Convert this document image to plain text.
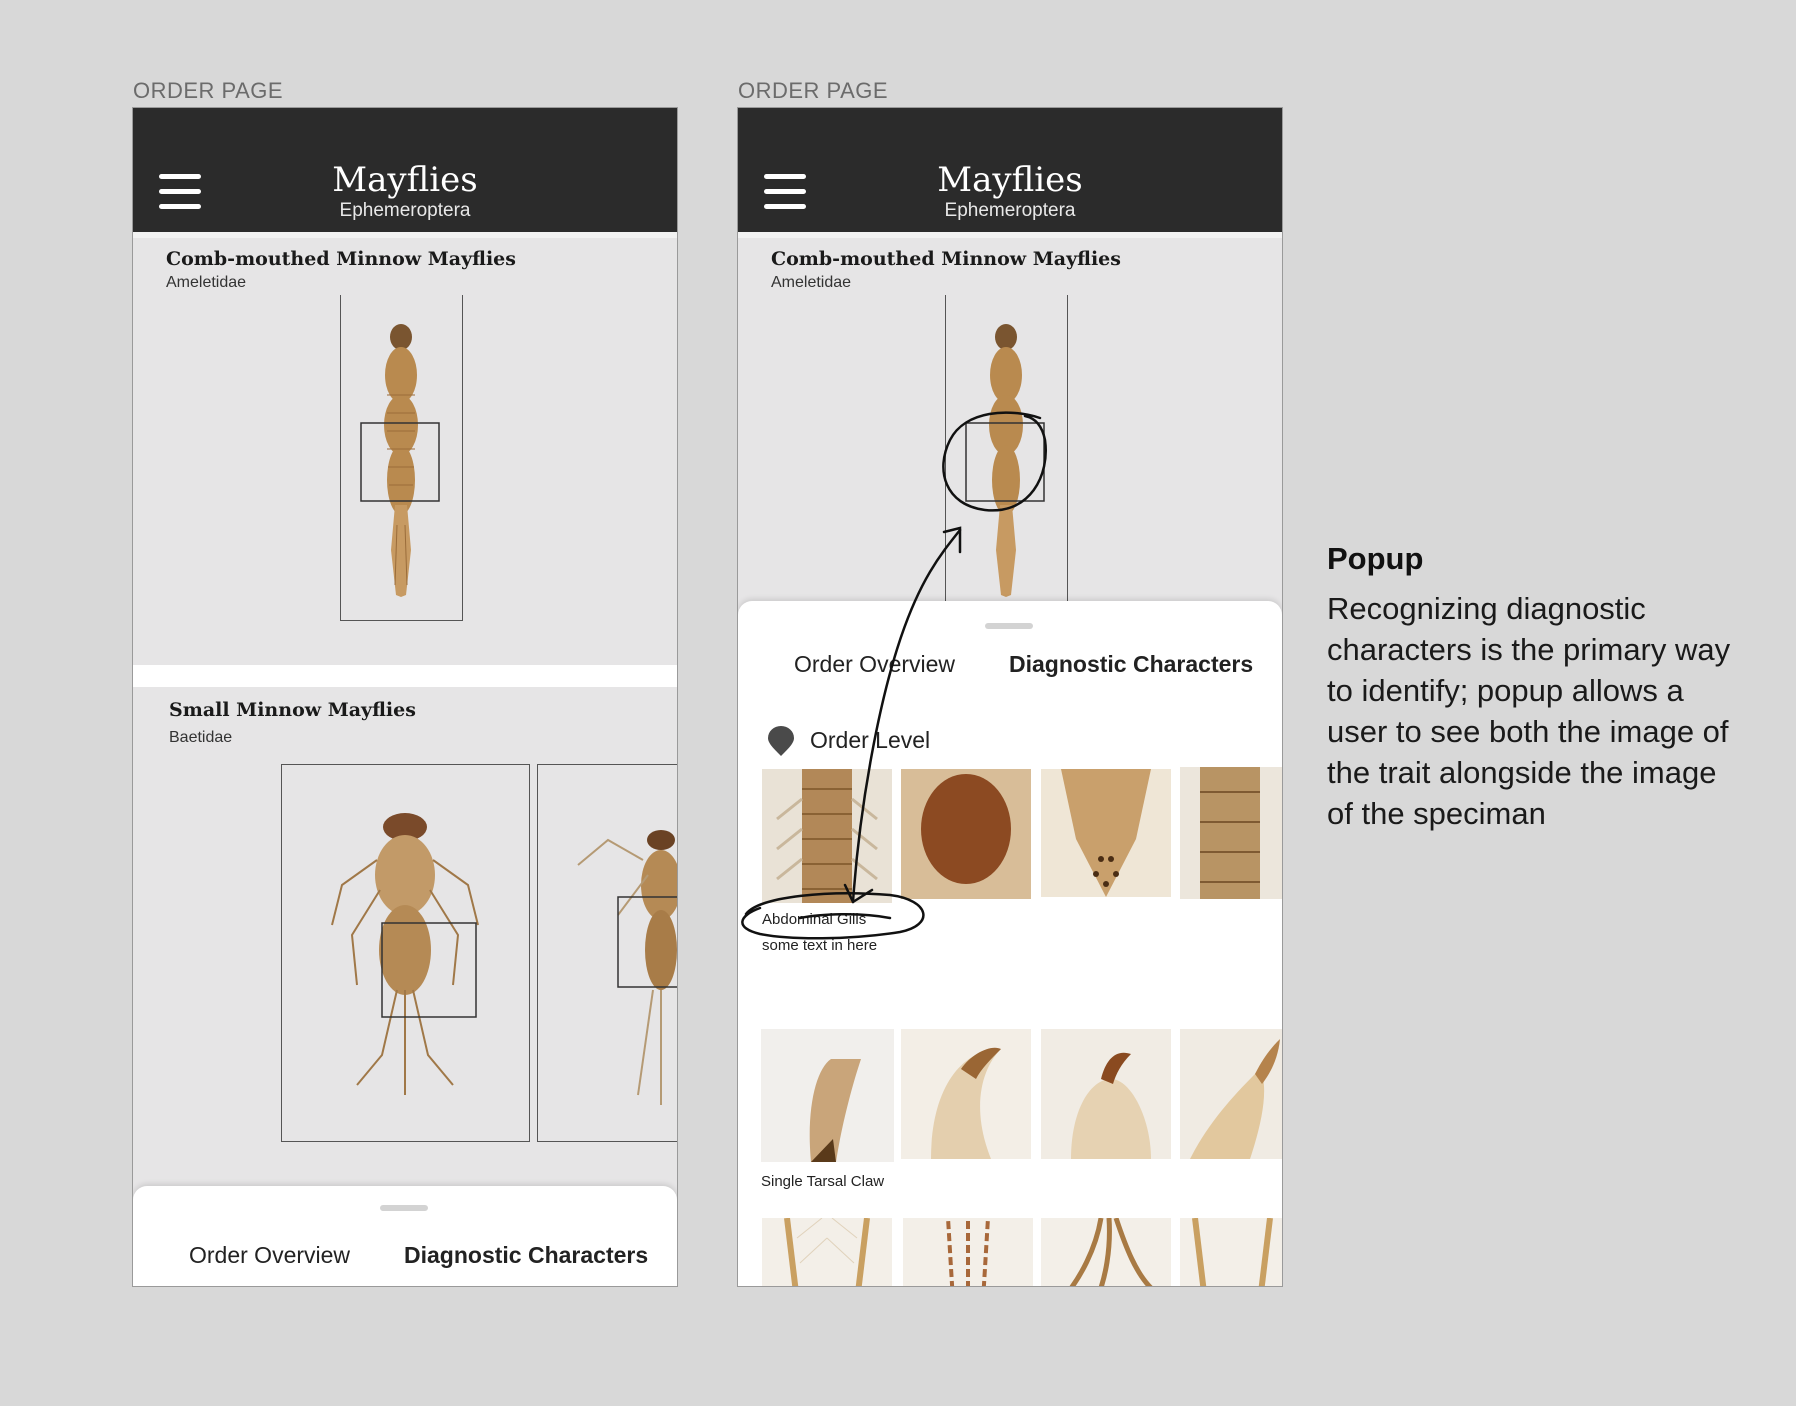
ORDER PAGE	ORDER PAGE
Mayflies
Ephemeroptera
Comb-mouthed Minnow Mayflies
Ameletidae
Small Minnow Mayflies
Baetidae
Order Overview Diagnostic Characters
Mayflies
Ephemeroptera
Comb-mouthed Minnow Mayflies
Ameletidae
Order Overview Diagnostic Characters
Order Level
Abdominal Gills
some text in here
Single Tarsal Claw
Popup
Recognizing diagnostic characters is the primary way to identify; popup allows a user to see both the image of the trait alongside the image of the speciman
